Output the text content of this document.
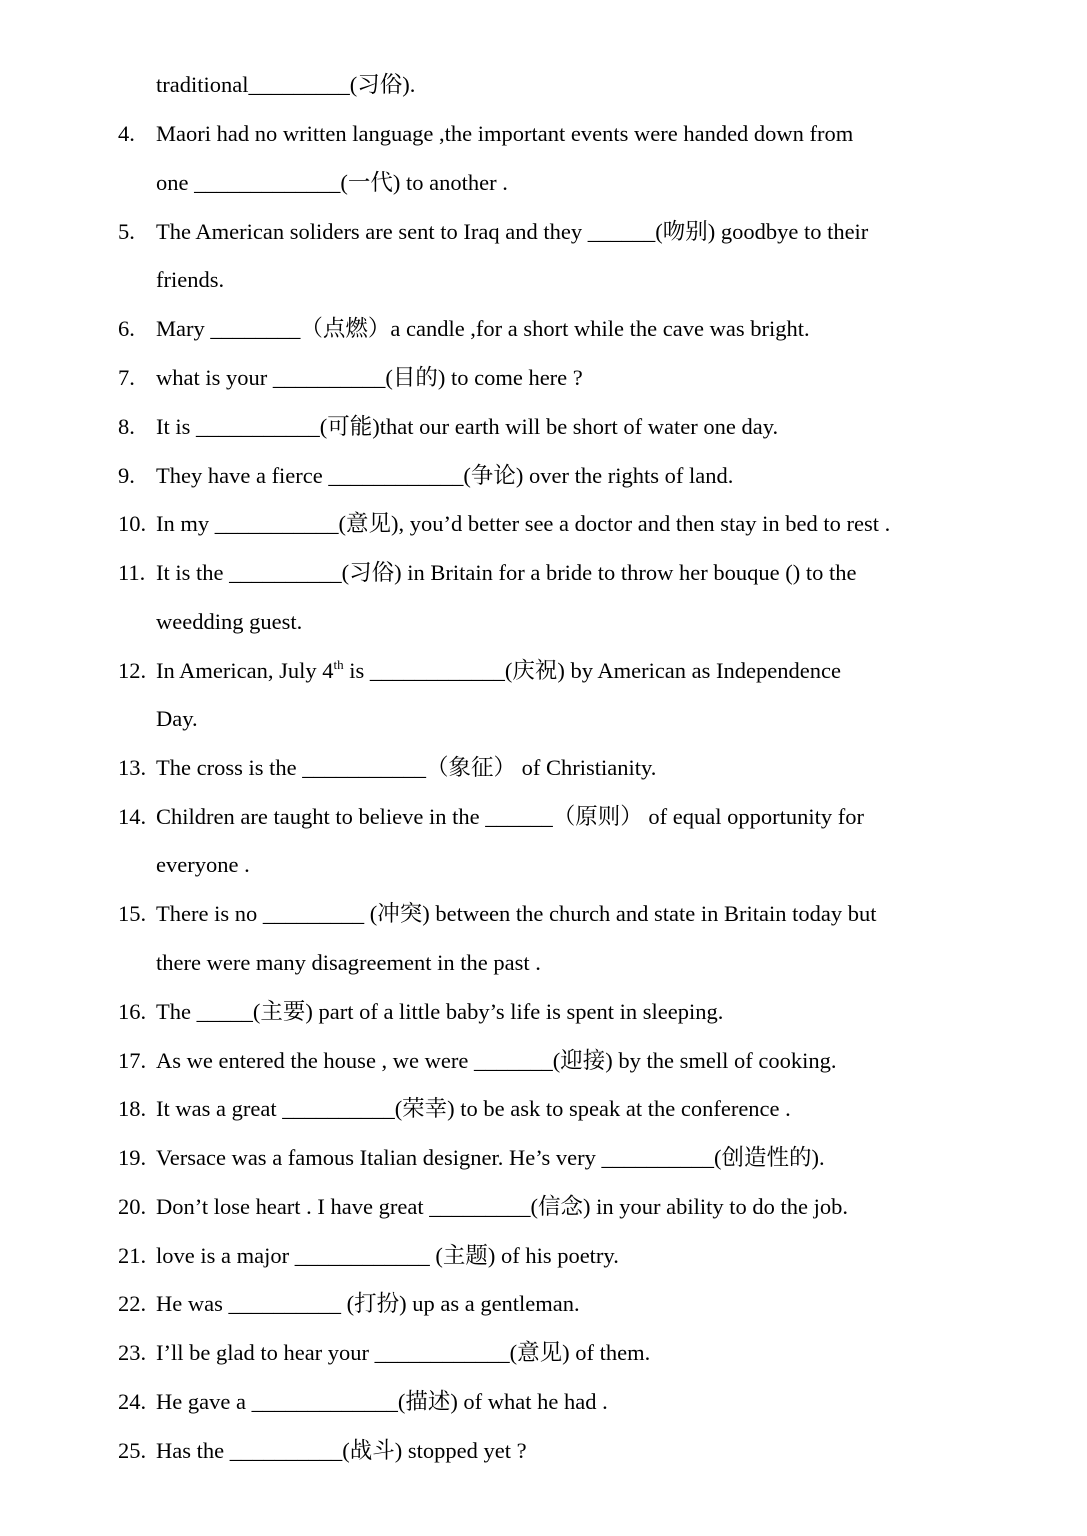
traditional_________(习俗).
4. Maori had no written language ,the important events were handed down from
one _____________(一代) to another .
5. The American soliders are sent to Iraq and they ______(吻别) goodbye to their
friends.
6. Mary ________（点燃）a candle ,for a short while the cave was bright.
7. what is your __________(目的) to come here ?
8. It is ___________(可能)that our earth will be short of water one day.
9. They have a fierce ____________(争论) over the rights of land.
10. In my ___________(意见), you’d better see a doctor and then stay in bed to rest .
11. It is the __________(习俗) in Britain for a bride to throw her bouque () to the
weedding guest.
12. In American, July 4th is ____________(庆祝) by American as Independence
Day.
13. The cross is the ___________（象征） of Christianity.
14. Children are taught to believe in the ______（原则） of equal opportunity for
everyone .
15. There is no _________ (冲突) between the church and state in Britain today but
there were many disagreement in the past .
16. The _____(主要) part of a little baby’s life is spent in sleeping.
17. As we entered the house , we were _______(迎接) by the smell of cooking.
18. It was a great __________(荣幸) to be ask to speak at the conference .
19. Versace was a famous Italian designer. He’s very __________(创造性的).
20. Don’t lose heart . I have great _________(信念) in your ability to do the job.
21. love is a major ____________ (主题) of his poetry.
22. He was __________ (打扮) up as a gentleman.
23. I’ll be glad to hear your ____________(意见) of them.
24. He gave a _____________(描述) of what he had .
25. Has the __________(战斗) stopped yet ?
